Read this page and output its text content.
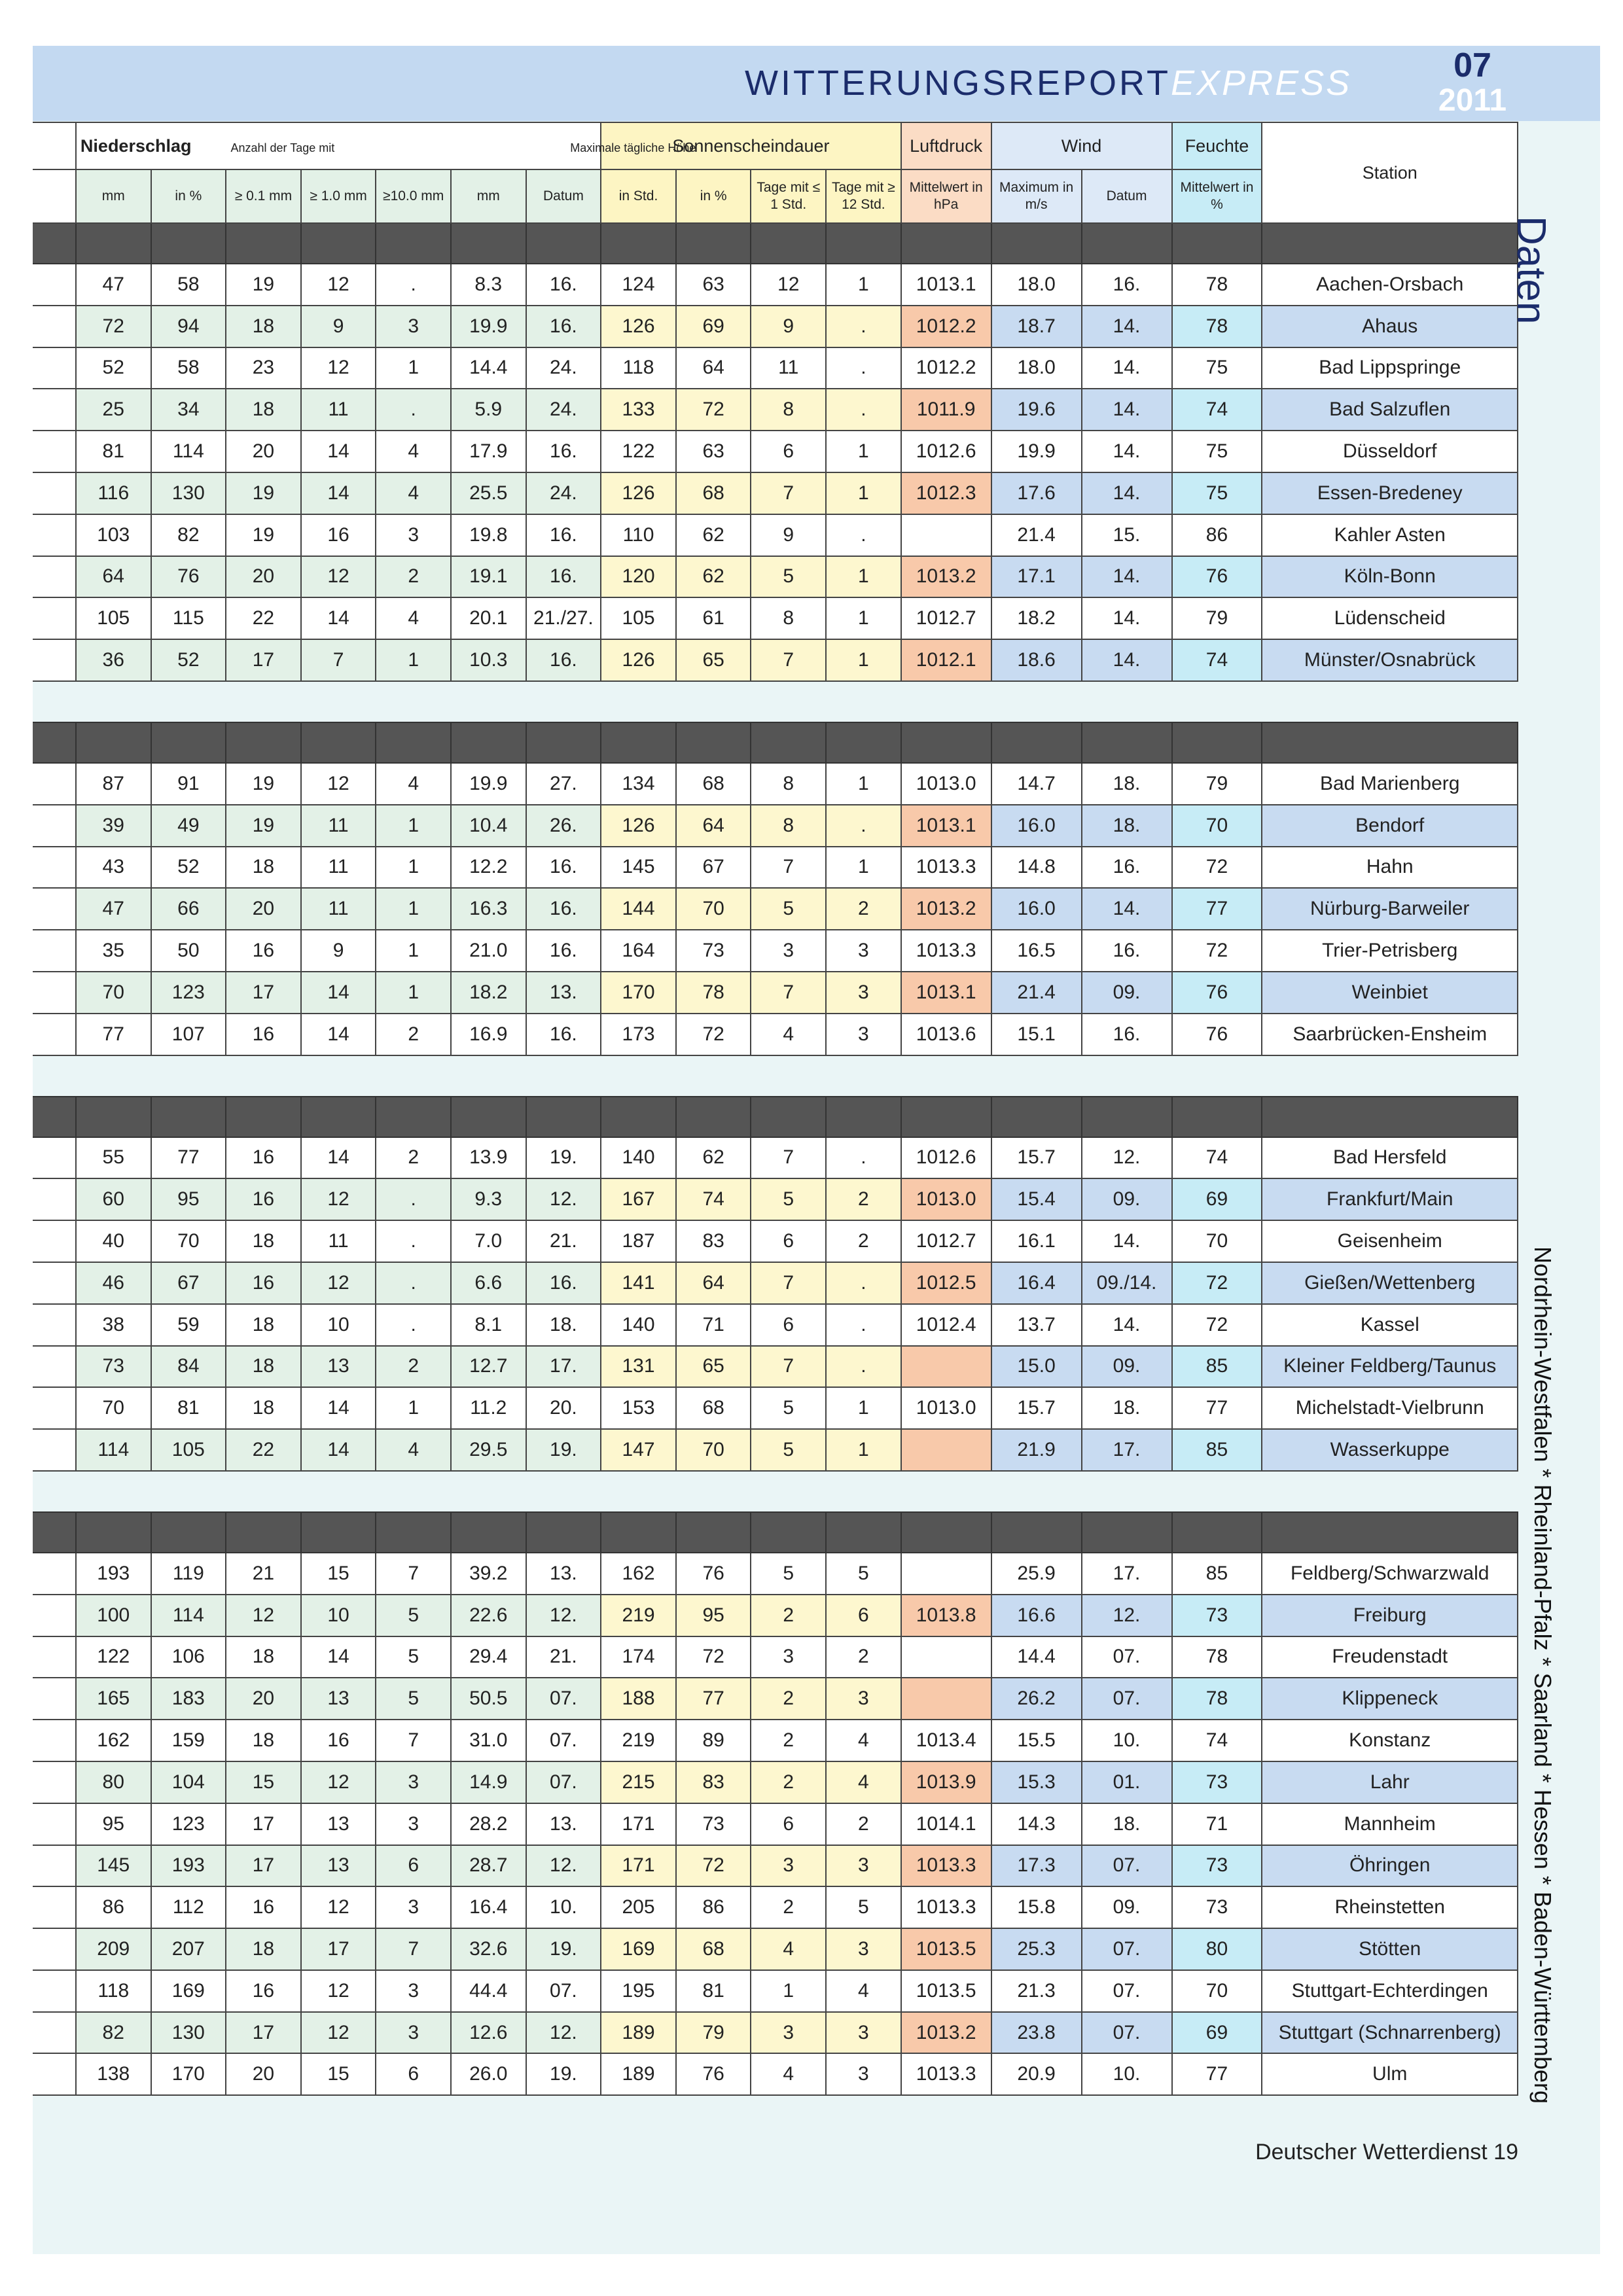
WITTERUNGSREPORTEXPRESS	07
2011
	Niederschlag Anzahl der Tage mit Maximale tägliche Höhe							Sonnenscheindauer				Luftdruck	Wind		Feuchte	Station
	mm	in %	≥ 0.1 mm	≥ 1.0 mm	≥10.0 mm	mm	Datum	in Std.	in %	Tage mit ≤ 1 Std.	Tage mit ≥ 12 Std.	Mittelwert in hPa	Maximum in m/s	Datum	Mittelwert in %	

	47	58	19	12	.	8.3	16.	124	63	12	1	1013.1	18.0	16.	78	Aachen-Orsbach
	72	94	18	9	3	19.9	16.	126	69	9	.	1012.2	18.7	14.	78	Ahaus
	52	58	23	12	1	14.4	24.	118	64	11	.	1012.2	18.0	14.	75	Bad Lippspringe
	25	34	18	11	.	5.9	24.	133	72	8	.	1011.9	19.6	14.	74	Bad Salzuflen
	81	114	20	14	4	17.9	16.	122	63	6	1	1012.6	19.9	14.	75	Düsseldorf
	116	130	19	14	4	25.5	24.	126	68	7	1	1012.3	17.6	14.	75	Essen-Bredeney
	103	82	19	16	3	19.8	16.	110	62	9	.		21.4	15.	86	Kahler Asten
	64	76	20	12	2	19.1	16.	120	62	5	1	1013.2	17.1	14.	76	Köln-Bonn
	105	115	22	14	4	20.1	21./27.	105	61	8	1	1012.7	18.2	14.	79	Lüdenscheid
	36	52	17	7	1	10.3	16.	126	65	7	1	1012.1	18.6	14.	74	Münster/Osnabrück

	87	91	19	12	4	19.9	27.	134	68	8	1	1013.0	14.7	18.	79	Bad Marienberg
	39	49	19	11	1	10.4	26.	126	64	8	.	1013.1	16.0	18.	70	Bendorf
	43	52	18	11	1	12.2	16.	145	67	7	1	1013.3	14.8	16.	72	Hahn
	47	66	20	11	1	16.3	16.	144	70	5	2	1013.2	16.0	14.	77	Nürburg-Barweiler
	35	50	16	9	1	21.0	16.	164	73	3	3	1013.3	16.5	16.	72	Trier-Petrisberg
	70	123	17	14	1	18.2	13.	170	78	7	3	1013.1	21.4	09.	76	Weinbiet
	77	107	16	14	2	16.9	16.	173	72	4	3	1013.6	15.1	16.	76	Saarbrücken-Ensheim

	55	77	16	14	2	13.9	19.	140	62	7	.	1012.6	15.7	12.	74	Bad Hersfeld
	60	95	16	12	.	9.3	12.	167	74	5	2	1013.0	15.4	09.	69	Frankfurt/Main
	40	70	18	11	.	7.0	21.	187	83	6	2	1012.7	16.1	14.	70	Geisenheim
	46	67	16	12	.	6.6	16.	141	64	7	.	1012.5	16.4	09./14.	72	Gießen/Wettenberg
	38	59	18	10	.	8.1	18.	140	71	6	.	1012.4	13.7	14.	72	Kassel
	73	84	18	13	2	12.7	17.	131	65	7	.		15.0	09.	85	Kleiner Feldberg/Taunus
	70	81	18	14	1	11.2	20.	153	68	5	1	1013.0	15.7	18.	77	Michelstadt-Vielbrunn
	114	105	22	14	4	29.5	19.	147	70	5	1		21.9	17.	85	Wasserkuppe

	193	119	21	15	7	39.2	13.	162	76	5	5		25.9	17.	85	Feldberg/Schwarzwald
	100	114	12	10	5	22.6	12.	219	95	2	6	1013.8	16.6	12.	73	Freiburg
	122	106	18	14	5	29.4	21.	174	72	3	2		14.4	07.	78	Freudenstadt
	165	183	20	13	5	50.5	07.	188	77	2	3		26.2	07.	78	Klippeneck
	162	159	18	16	7	31.0	07.	219	89	2	4	1013.4	15.5	10.	74	Konstanz
	80	104	15	12	3	14.9	07.	215	83	2	4	1013.9	15.3	01.	73	Lahr
	95	123	17	13	3	28.2	13.	171	73	6	2	1014.1	14.3	18.	71	Mannheim
	145	193	17	13	6	28.7	12.	171	72	3	3	1013.3	17.3	07.	73	Öhringen
	86	112	16	12	3	16.4	10.	205	86	2	5	1013.3	15.8	09.	73	Rheinstetten
	209	207	18	17	7	32.6	19.	169	68	4	3	1013.5	25.3	07.	80	Stötten
	118	169	16	12	3	44.4	07.	195	81	1	4	1013.5	21.3	07.	70	Stuttgart-Echterdingen
	82	130	17	12	3	12.6	12.	189	79	3	3	1013.2	23.8	07.	69	Stuttgart (Schnarrenberg)
	138	170	20	15	6	26.0	19.	189	76	4	3	1013.3	20.9	10.	77	Ulm
Daten
Nordrhein-Westfalen * Rheinland-Pfalz * Saarland * Hessen * Baden-Württemberg
Deutscher Wetterdienst 19
